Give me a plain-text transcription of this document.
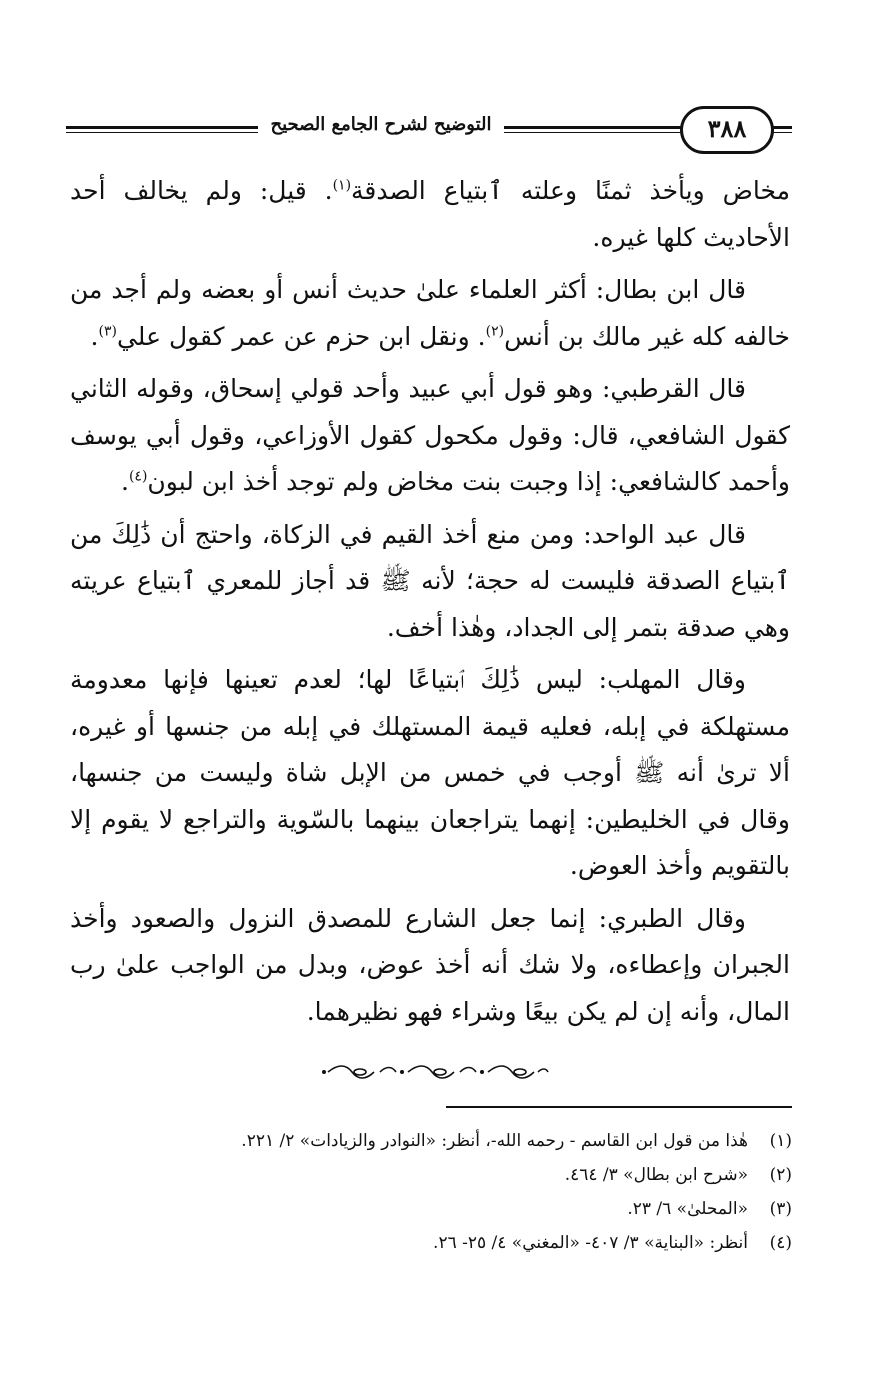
التوضيح لشرح الجامع الصحيح	٣٨٨

مخاض ويأخذ ثمنًا وعلته ٱبتياع الصدقة$^{(١)}$. قيل: ولم يخالف أحد الأحاديث كلها غيره.

قال ابن بطال: أكثر العلماء علىٰ حديث أنس أو بعضه ولم أجد من خالفه كله غير مالك بن أنس$^{(٢)}$. ونقل ابن حزم عن عمر كقول علي$^{(٣)}$.

قال القرطبي: وهو قول أبي عبيد وأحد قولي إسحاق، وقوله الثاني كقول الشافعي، قال: وقول مكحول كقول الأوزاعي، وقول أبي يوسف وأحمد كالشافعي: إذا وجبت بنت مخاض ولم توجد أخذ ابن لبون$^{(٤)}$.

قال عبد الواحد: ومن منع أخذ القيم في الزكاة، واحتج أن ذَٰلِكَ من ٱبتياع الصدقة فليست له حجة؛ لأنه ﷺ قد أجاز للمعري ٱبتياع عريته وهي صدقة بتمر إلى الجداد، وهٰذا أخف.

وقال المهلب: ليس ذَٰلِكَ ٱبتياعًا لها؛ لعدم تعينها فإنها معدومة مستهلكة في إبله، فعليه قيمة المستهلك في إبله من جنسها أو غيره، ألا ترىٰ أنه ﷺ أوجب في خمس من الإبل شاة وليست من جنسها، وقال في الخليطين: إنهما يتراجعان بينهما بالسّوية والتراجع لا يقوم إلا بالتقويم وأخذ العوض.

وقال الطبري: إنما جعل الشارع للمصدق النزول والصعود وأخذ الجبران وإعطاءه، ولا شك أنه أخذ عوض، وبدل من الواجب علىٰ رب المال، وأنه إن لم يكن بيعًا وشراء فهو نظيرهما.

(١)
هٰذا من قول ابن القاسم - رحمه الله-، أنظر: «النوادر والزيادات» ٢/ ٢٢١.
(٢)
«شرح ابن بطال» ٣/ ٤٦٤.
(٣)
«المحلىٰ» ٦/ ٢٣.
(٤)
أنظر: «البناية» ٣/ ٤٠٧- «المغني» ٤/ ٢٥- ٢٦.
